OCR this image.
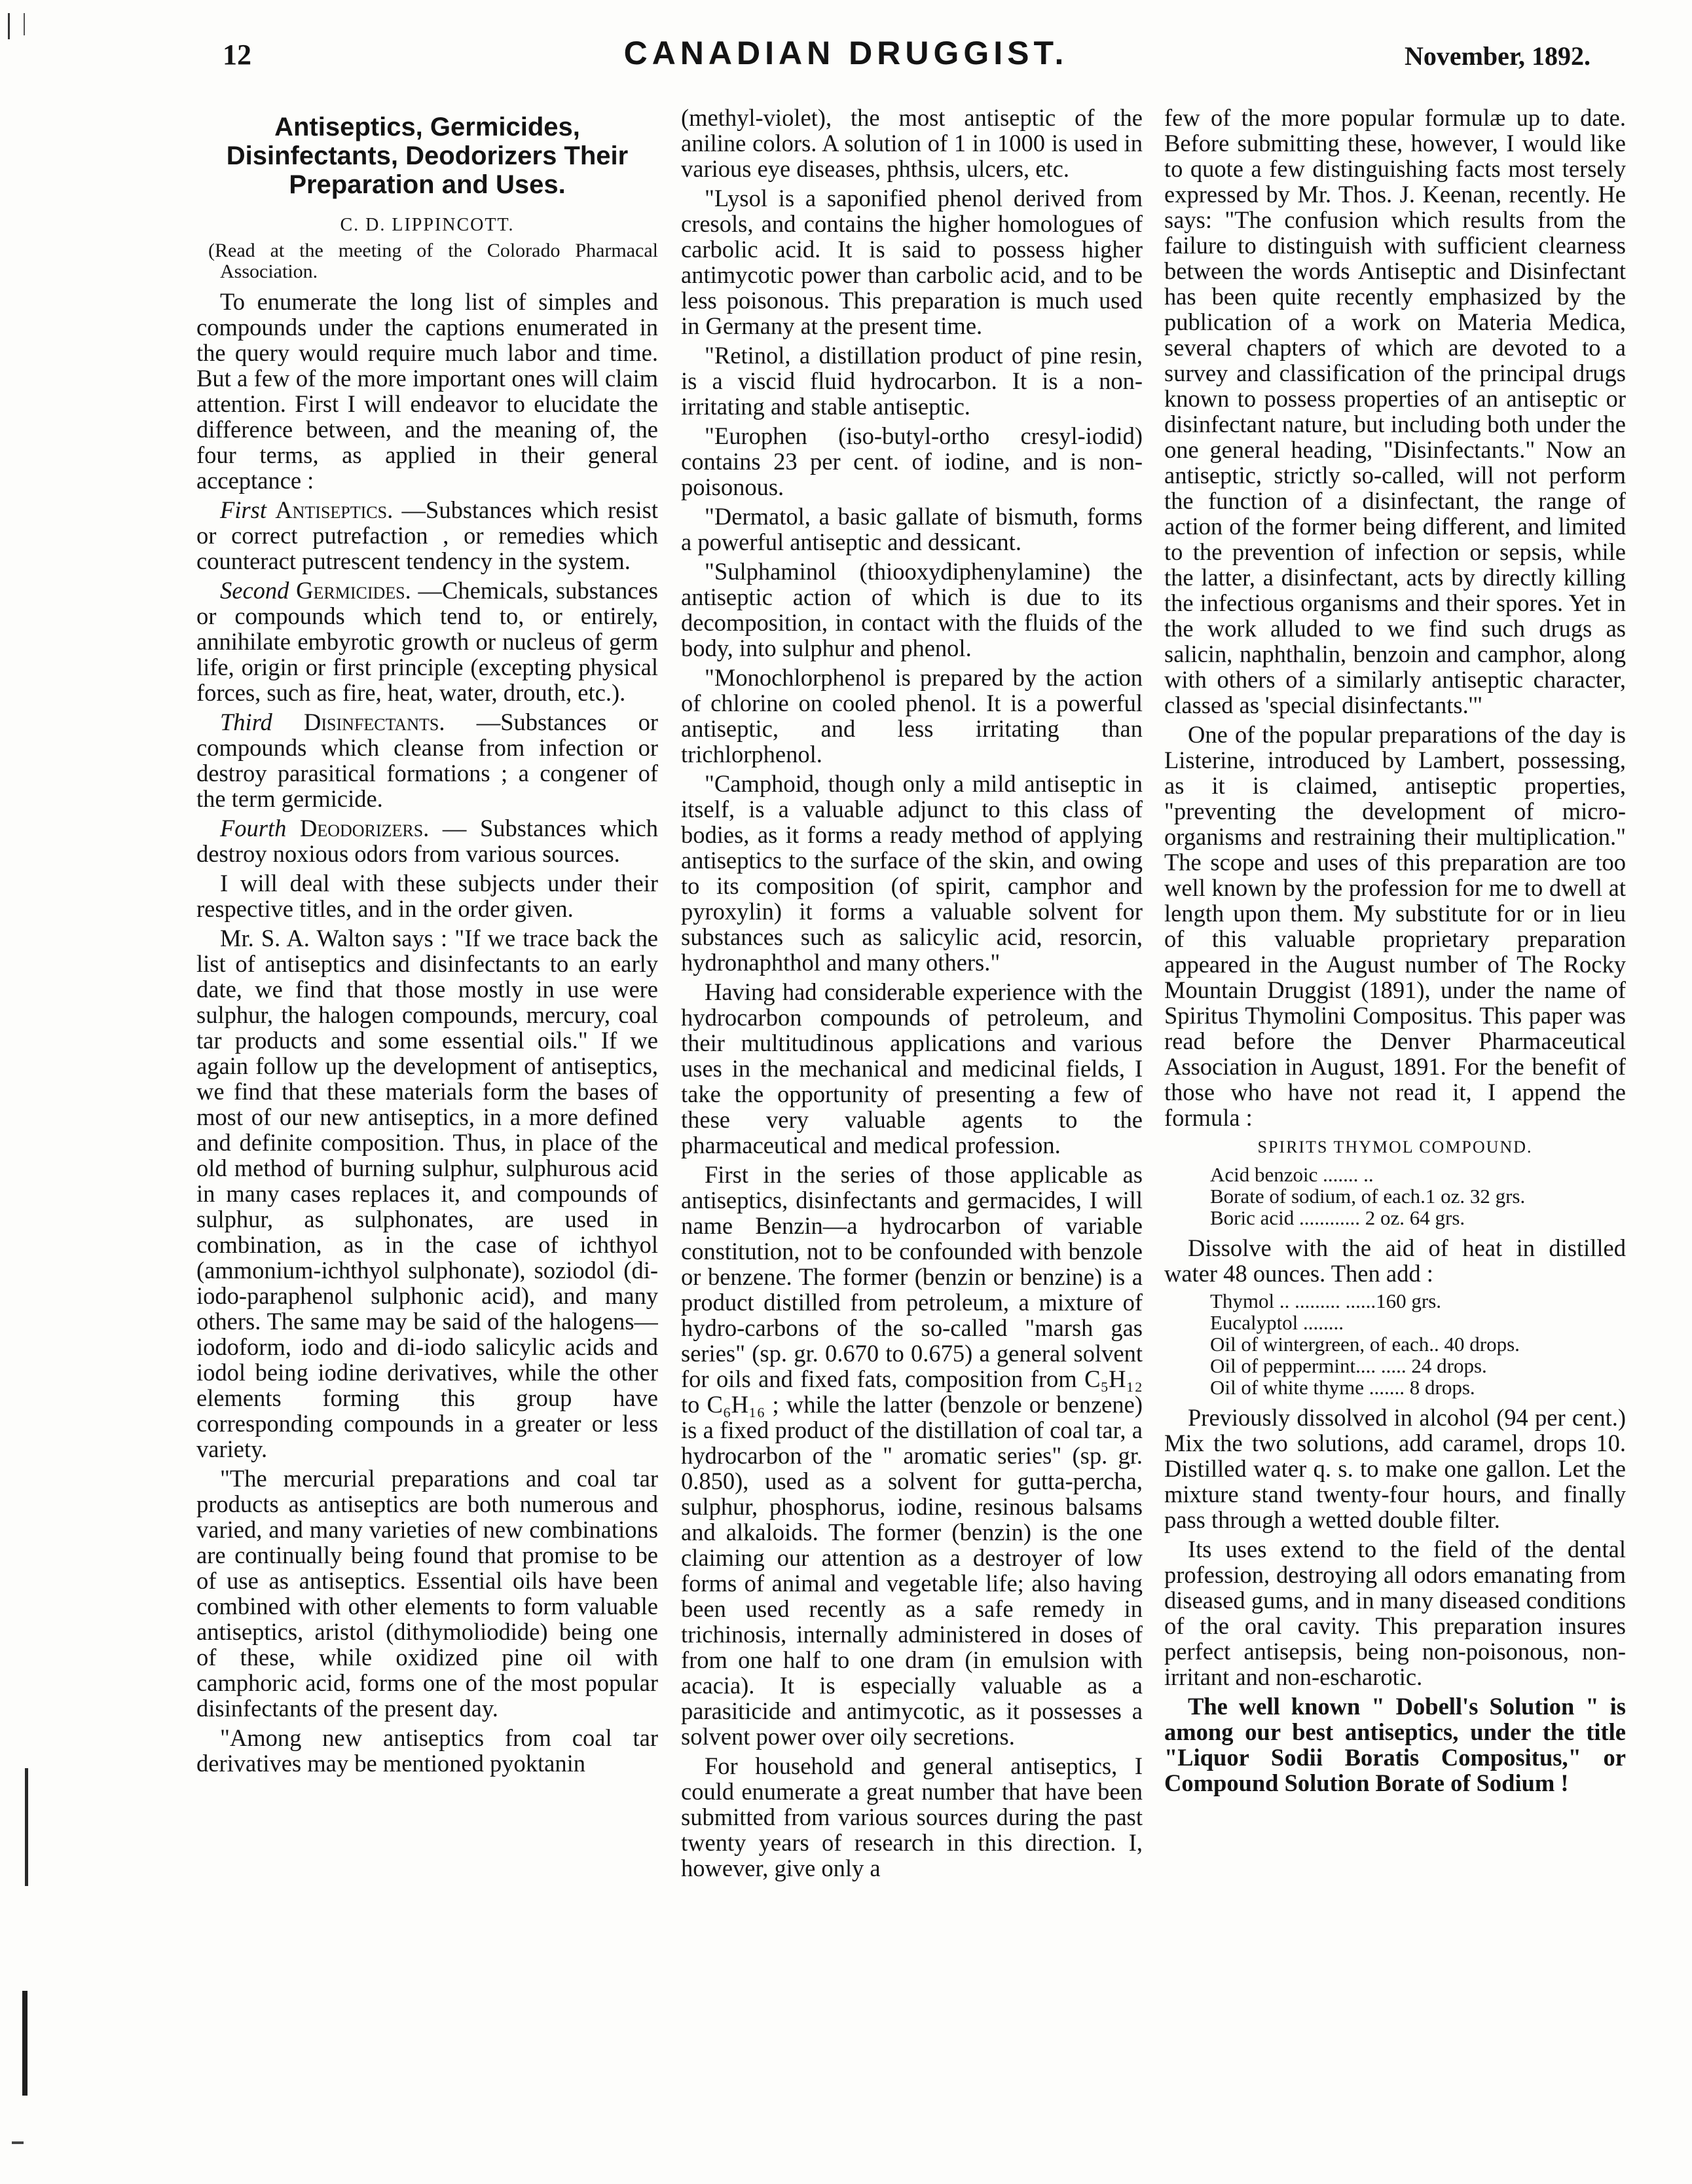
12	CANADIAN DRUGGIST.	November, 1892.
Antiseptics, Germicides, Disinfectants, Deodorizers Their Preparation and Uses.
C. D. LIPPINCOTT.
(Read at the meeting of the Colorado Pharmacal Association.

To enumerate the long list of simples and compounds under the captions enumerated in the query would require much labor and time. But a few of the more important ones will claim attention. First I will endeavor to elucidate the difference between, and the meaning of, the four terms, as applied in their general acceptance :

First Antiseptics. —Substances which resist or correct putrefaction , or remedies which counteract putrescent tendency in the system.

Second Germicides. —Chemicals, substances or compounds which tend to, or entirely, annihilate embyrotic growth or nucleus of germ life, origin or first principle (excepting physical forces, such as fire, heat, water, drouth, etc.).

Third Disinfectants. —Substances or compounds which cleanse from infection or destroy parasitical formations ; a congener of the term germicide.

Fourth Deodorizers. — Substances which destroy noxious odors from various sources.

I will deal with these subjects under their respective titles, and in the order given.

Mr. S. A. Walton says : "If we trace back the list of antiseptics and disinfectants to an early date, we find that those mostly in use were sulphur, the halogen compounds, mercury, coal tar products and some essential oils." If we again follow up the development of antiseptics, we find that these materials form the bases of most of our new antiseptics, in a more defined and definite composition. Thus, in place of the old method of burning sulphur, sulphurous acid in many cases replaces it, and compounds of sulphur, as sulphonates, are used in combination, as in the case of ichthyol (ammonium-ichthyol sulphonate), soziodol (di-iodo-paraphenol sulphonic acid), and many others. The same may be said of the halogens—iodoform, iodo and di-iodo salicylic acids and iodol being iodine derivatives, while the other elements forming this group have corresponding compounds in a greater or less variety.

"The mercurial preparations and coal tar products as antiseptics are both numerous and varied, and many varieties of new combinations are continually being found that promise to be of use as antiseptics. Essential oils have been combined with other elements to form valuable antiseptics, aristol (dithymoliodide) being one of these, while oxidized pine oil with camphoric acid, forms one of the most popular disinfectants of the present day.

"Among new antiseptics from coal tar derivatives may be mentioned pyoktanin

(methyl-violet), the most antiseptic of the aniline colors. A solution of 1 in 1000 is used in various eye diseases, phthsis, ulcers, etc.

"Lysol is a saponified phenol derived from cresols, and contains the higher homologues of carbolic acid. It is said to possess higher antimycotic power than carbolic acid, and to be less poisonous. This preparation is much used in Germany at the present time.

"Retinol, a distillation product of pine resin, is a viscid fluid hydrocarbon. It is a non-irritating and stable antiseptic.

"Europhen (iso-butyl-ortho cresyl-iodid) contains 23 per cent. of iodine, and is non-poisonous.

"Dermatol, a basic gallate of bismuth, forms a powerful antiseptic and dessicant.

"Sulphaminol (thiooxydiphenylamine) the antiseptic action of which is due to its decomposition, in contact with the fluids of the body, into sulphur and phenol.

"Monochlorphenol is prepared by the action of chlorine on cooled phenol. It is a powerful antiseptic, and less irritating than trichlorphenol.

"Camphoid, though only a mild antiseptic in itself, is a valuable adjunct to this class of bodies, as it forms a ready method of applying antiseptics to the surface of the skin, and owing to its composition (of spirit, camphor and pyroxylin) it forms a valuable solvent for substances such as salicylic acid, resorcin, hydronaphthol and many others."

Having had considerable experience with the hydrocarbon compounds of petroleum, and their multitudinous applications and various uses in the mechanical and medicinal fields, I take the opportunity of presenting a few of these very valuable agents to the pharmaceutical and medical profession.

First in the series of those applicable as antiseptics, disinfectants and germacides, I will name Benzin—a hydrocarbon of variable constitution, not to be confounded with benzole or benzene. The former (benzin or benzine) is a product distilled from petroleum, a mixture of hydro-carbons of the so-called "marsh gas series" (sp. gr. 0.670 to 0.675) a general solvent for oils and fixed fats, composition from C₅H₁₂ to C₆H₁₆ ; while the latter (benzole or benzene) is a fixed product of the distillation of coal tar, a hydrocarbon of the " aromatic series" (sp. gr. 0.850), used as a solvent for gutta-percha, sulphur, phosphorus, iodine, resinous balsams and alkaloids. The former (benzin) is the one claiming our attention as a destroyer of low forms of animal and vegetable life; also having been used recently as a safe remedy in trichinosis, internally administered in doses of from one half to one dram (in emulsion with acacia). It is especially valuable as a parasiticide and antimycotic, as it possesses a solvent power over oily secretions.

For household and general antiseptics, I could enumerate a great number that have been submitted from various sources during the past twenty years of research in this direction. I, however, give only a

few of the more popular formulæ up to date. Before submitting these, however, I would like to quote a few distinguishing facts most tersely expressed by Mr. Thos. J. Keenan, recently. He says: "The confusion which results from the failure to distinguish with sufficient clearness between the words Antiseptic and Disinfectant has been quite recently emphasized by the publication of a work on Materia Medica, several chapters of which are devoted to a survey and classification of the principal drugs known to possess properties of an antiseptic or disinfectant nature, but including both under the one general heading, "Disinfectants." Now an antiseptic, strictly so-called, will not perform the function of a disinfectant, the range of action of the former being different, and limited to the prevention of infection or sepsis, while the latter, a disinfectant, acts by directly killing the infectious organisms and their spores. Yet in the work alluded to we find such drugs as salicin, naphthalin, benzoin and camphor, along with others of a similarly antiseptic character, classed as 'special disinfectants.'"

One of the popular preparations of the day is Listerine, introduced by Lambert, possessing, as it is claimed, antiseptic properties, "preventing the development of micro-organisms and restraining their multiplication." The scope and uses of this preparation are too well known by the profession for me to dwell at length upon them. My substitute for or in lieu of this valuable proprietary preparation appeared in the August number of The Rocky Mountain Druggist (1891), under the name of Spiritus Thymolini Compositus. This paper was read before the Denver Pharmaceutical Association in August, 1891. For the benefit of those who have not read it, I append the formula :

SPIRITS THYMOL COMPOUND.

Acid benzoic ....... ..
Borate of sodium, of each.1 oz. 32 grs.
Boric acid ............ 2 oz. 64 grs.

Dissolve with the aid of heat in distilled water 48 ounces. Then add :

Thymol .. ......... ......160 grs.
Eucalyptol ........
Oil of wintergreen, of each.. 40 drops.
Oil of peppermint.... ..... 24 drops.
Oil of white thyme ....... 8 drops.

Previously dissolved in alcohol (94 per cent.) Mix the two solutions, add caramel, drops 10. Distilled water q. s. to make one gallon. Let the mixture stand twenty-four hours, and finally pass through a wetted double filter.

Its uses extend to the field of the dental profession, destroying all odors emanating from diseased gums, and in many diseased conditions of the oral cavity. This preparation insures perfect antisepsis, being non-poisonous, non-irritant and non-escharotic.

The well known " Dobell's Solution " is among our best antiseptics, under the title "Liquor Sodii Boratis Compositus," or Compound Solution Borate of Sodium !
